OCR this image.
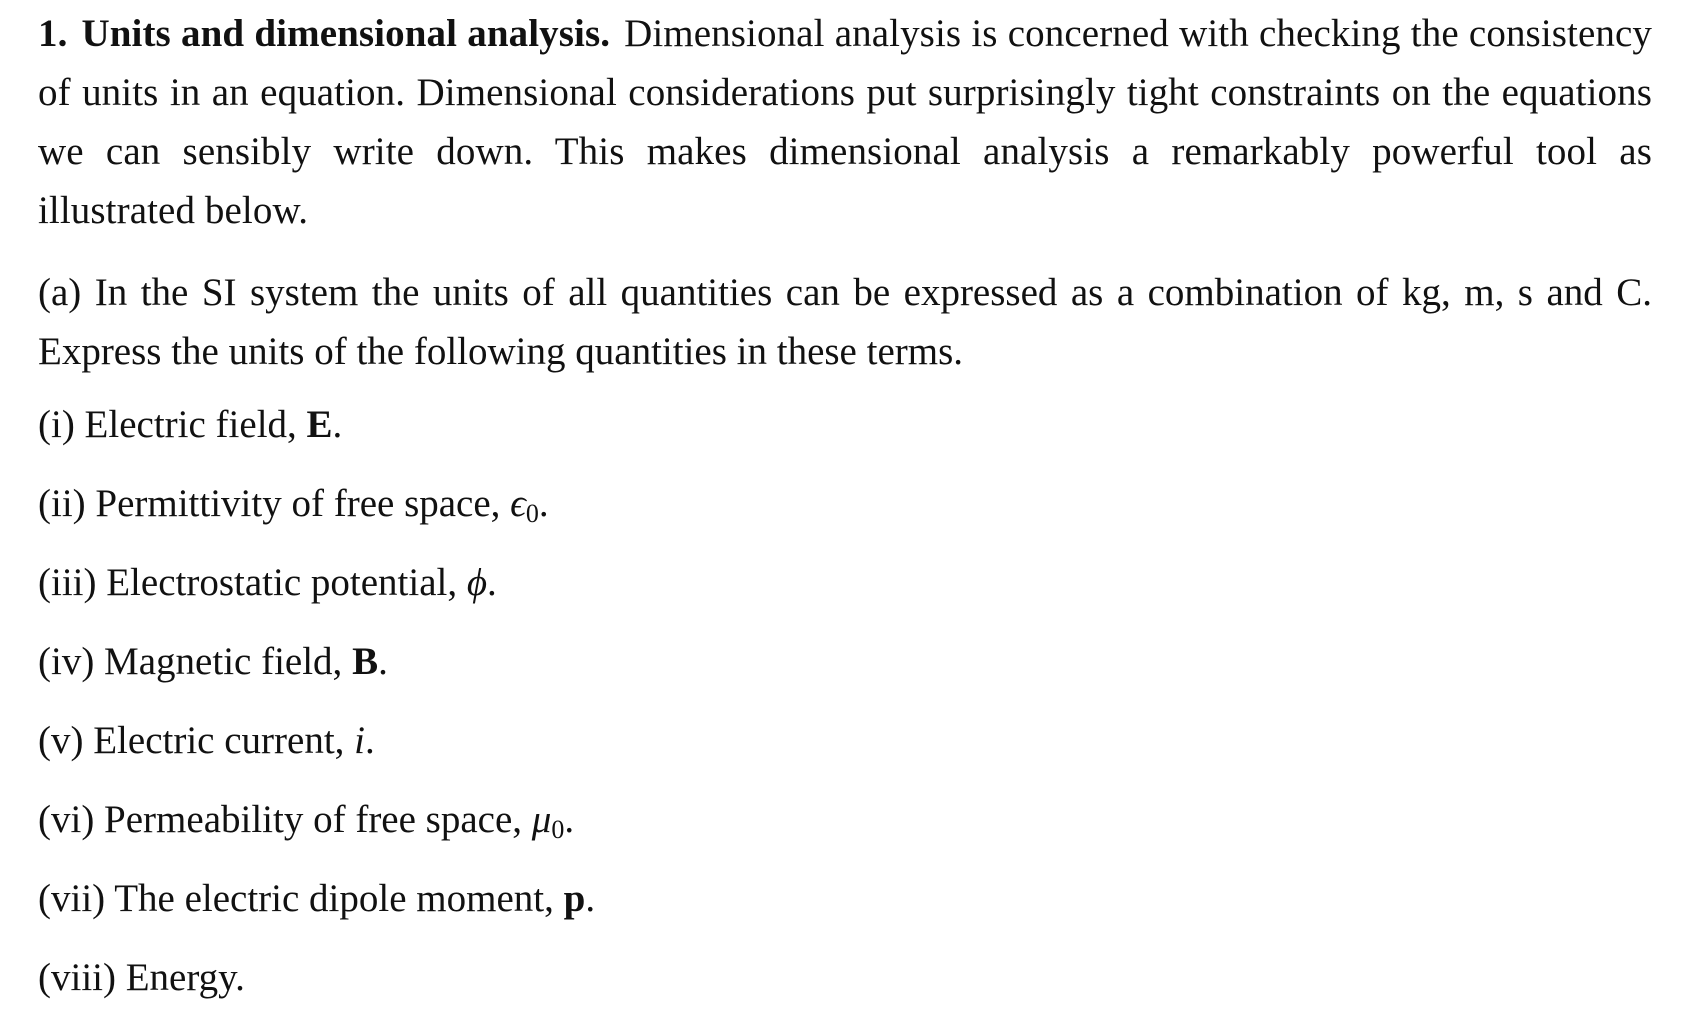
1. Units and dimensional analysis. Dimensional analysis is concerned with checking the consistency of units in an equation. Dimensional considerations put surprisingly tight constraints on the equations we can sensibly write down. This makes dimensional analysis a remarkably powerful tool as illustrated below.

(a) In the SI system the units of all quantities can be expressed as a combination of kg, m, s and C. Express the units of the following quantities in these terms.

(i) Electric field, E.
(ii) Permittivity of free space, $\epsilon_0$.
(iii) Electrostatic potential, ϕ.
(iv) Magnetic field, B.
(v) Electric current, i.
(vi) Permeability of free space, $\mu_0$.
(vii) The electric dipole moment, p.
(viii) Energy.
